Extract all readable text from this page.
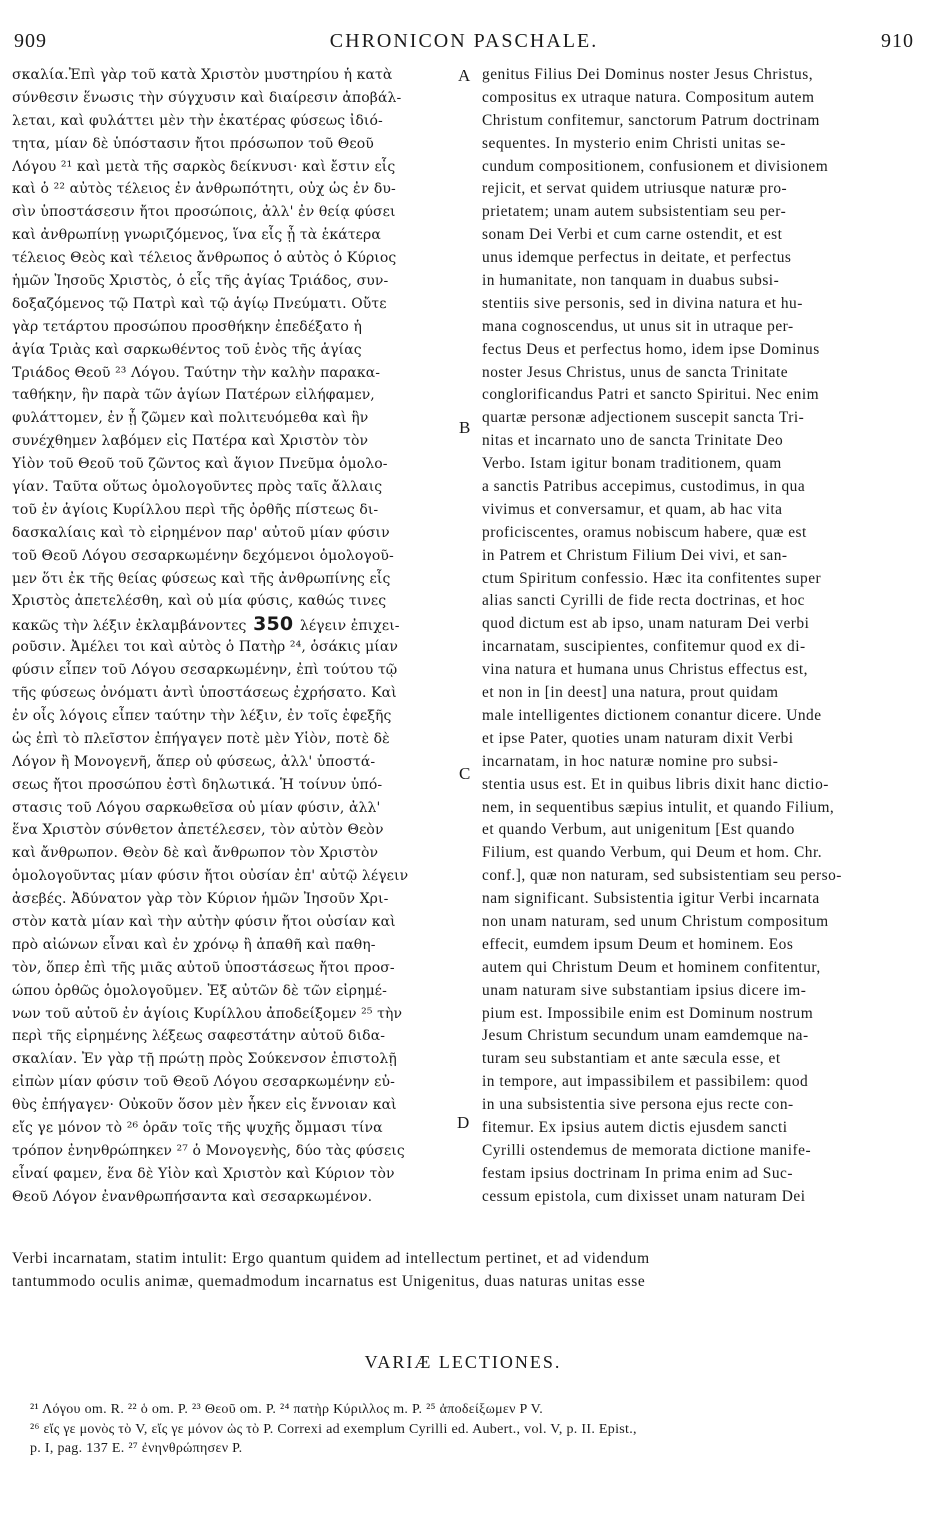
909	CHRONICON PASCHALE.	910
σκαλία.Ἐπὶ γὰρ τοῦ κατὰ Χριστὸν μυστηρίου ἡ κατὰ
σύνθεσιν ἕνωσις τὴν σύγχυσιν καὶ διαίρεσιν ἀποβάλ-
λεται, καὶ φυλάττει μὲν τὴν ἑκατέρας φύσεως ἰδιό-
τητα, μίαν δὲ ὑπόστασιν ἤτοι πρόσωπον τοῦ Θεοῦ
Λόγου ²¹ καὶ μετὰ τῆς σαρκὸς δείκνυσι· καὶ ἔστιν εἷς
καὶ ὁ ²² αὐτὸς τέλειος ἐν ἀνθρωπότητι, οὐχ ὡς ἐν δυ-
σὶν ὑποστάσεσιν ἤτοι προσώποις, ἀλλ' ἐν θείᾳ φύσει
καὶ ἀνθρωπίνῃ γνωριζόμενος, ἵνα εἷς ᾖ τὰ ἑκάτερα
τέλειος Θεὸς καὶ τέλειος ἄνθρωπος ὁ αὐτὸς ὁ Κύριος
ἡμῶν Ἰησοῦς Χριστὸς, ὁ εἷς τῆς ἁγίας Τριάδος, συν-
δοξαζόμενος τῷ Πατρὶ καὶ τῷ ἁγίῳ Πνεύματι. Οὔτε
γὰρ τετάρτου προσώπου προσθήκην ἐπεδέξατο ἡ
ἁγία Τριὰς καὶ σαρκωθέντος τοῦ ἑνὸς τῆς ἁγίας
Τριάδος Θεοῦ ²³ Λόγου. Ταύτην τὴν καλὴν παρακα-
ταθήκην, ἣν παρὰ τῶν ἁγίων Πατέρων εἰλήφαμεν,
φυλάττομεν, ἐν ᾗ ζῶμεν καὶ πολιτευόμεθα καὶ ἣν
συνέχθημεν λαβόμεν εἰς Πατέρα καὶ Χριστὸν τὸν
Υἱὸν τοῦ Θεοῦ τοῦ ζῶντος καὶ ἅγιον Πνεῦμα ὁμολο-
γίαν. Ταῦτα οὕτως ὁμολογοῦντες πρὸς ταῖς ἄλλαις
τοῦ ἐν ἁγίοις Κυρίλλου περὶ τῆς ὀρθῆς πίστεως δι-
δασκαλίαις καὶ τὸ εἰρημένον παρ' αὐτοῦ μίαν φύσιν
τοῦ Θεοῦ Λόγου σεσαρκωμένην δεχόμενοι ὁμολογοῦ-
μεν ὅτι ἐκ τῆς θείας φύσεως καὶ τῆς ἀνθρωπίνης εἷς
Χριστὸς ἀπετελέσθη, καὶ οὐ μία φύσις, καθώς τινες
κακῶς τὴν λέξιν ἐκλαμβάνοντες 350 λέγειν ἐπιχει-
ροῦσιν. Ἀμέλει τοι καὶ αὐτὸς ὁ Πατὴρ ²⁴, ὁσάκις μίαν
φύσιν εἶπεν τοῦ Λόγου σεσαρκωμένην, ἐπὶ τούτου τῷ
τῆς φύσεως ὀνόματι ἀντὶ ὑποστάσεως ἐχρήσατο. Καὶ
ἐν οἷς λόγοις εἶπεν ταύτην τὴν λέξιν, ἐν τοῖς ἐφεξῆς
ὡς ἐπὶ τὸ πλεῖστον ἐπήγαγεν ποτὲ μὲν Υἱὸν, ποτὲ δὲ
Λόγον ἢ Μονογενῆ, ἅπερ οὐ φύσεως, ἀλλ' ὑποστά-
σεως ἤτοι προσώπου ἐστὶ δηλωτικά. Ἡ τοίνυν ὑπό-
στασις τοῦ Λόγου σαρκωθεῖσα οὐ μίαν φύσιν, ἀλλ'
ἕνα Χριστὸν σύνθετον ἀπετέλεσεν, τὸν αὐτὸν Θεὸν
καὶ ἄνθρωπον. Θεὸν δὲ καὶ ἄνθρωπον τὸν Χριστὸν
ὁμολογοῦντας μίαν φύσιν ἤτοι οὐσίαν ἐπ' αὐτῷ λέγειν
ἀσεβές. Ἀδύνατον γὰρ τὸν Κύριον ἡμῶν Ἰησοῦν Χρι-
στὸν κατὰ μίαν καὶ τὴν αὐτὴν φύσιν ἤτοι οὐσίαν καὶ
πρὸ αἰώνων εἶναι καὶ ἐν χρόνῳ ἢ ἀπαθῆ καὶ παθη-
τὸν, ὅπερ ἐπὶ τῆς μιᾶς αὐτοῦ ὑποστάσεως ἤτοι προσ-
ώπου ὀρθῶς ὁμολογοῦμεν. Ἐξ αὐτῶν δὲ τῶν εἰρημέ-
νων τοῦ αὐτοῦ ἐν ἁγίοις Κυρίλλου ἀποδείξομεν ²⁵ τὴν
περὶ τῆς εἰρημένης λέξεως σαφεστάτην αὐτοῦ διδα-
σκαλίαν. Ἐν γὰρ τῇ πρώτῃ πρὸς Σούκενσον ἐπιστολῇ
εἰπὼν μίαν φύσιν τοῦ Θεοῦ Λόγου σεσαρκωμένην εὐ-
θὺς ἐπήγαγεν· Οὐκοῦν ὅσον μὲν ἧκεν εἰς ἔννοιαν καὶ
εἴς γε μόνον τὸ ²⁶ ὁρᾶν τοῖς τῆς ψυχῆς ὄμμασι τίνα
τρόπον ἐνηνθρώπηκεν ²⁷ ὁ Μονογενὴς, δύο τὰς φύσεις
εἶναί φαμεν, ἕνα δὲ Υἱὸν καὶ Χριστὸν καὶ Κύριον τὸν
Θεοῦ Λόγον ἐνανθρωπήσαντα καὶ σεσαρκωμένον.
A
B
C
D
genitus Filius Dei Dominus noster Jesus Christus,
compositus ex utraque natura. Compositum autem
Christum confitemur, sanctorum Patrum doctrinam
sequentes. In mysterio enim Christi unitas se-
cundum compositionem, confusionem et divisionem
rejicit, et servat quidem utriusque naturæ pro-
prietatem; unam autem subsistentiam seu per-
sonam Dei Verbi et cum carne ostendit, et est
unus idemque perfectus in deitate, et perfectus
in humanitate, non tanquam in duabus subsi-
stentiis sive personis, sed in divina natura et hu-
mana cognoscendus, ut unus sit in utraque per-
fectus Deus et perfectus homo, idem ipse Dominus
noster Jesus Christus, unus de sancta Trinitate
conglorificandus Patri et sancto Spiritui. Nec enim
quartæ personæ adjectionem suscepit sancta Tri-
nitas et incarnato uno de sancta Trinitate Deo
Verbo. Istam igitur bonam traditionem, quam
a sanctis Patribus accepimus, custodimus, in qua
vivimus et conversamur, et quam, ab hac vita
proficiscentes, oramus nobiscum habere, quæ est
in Patrem et Christum Filium Dei vivi, et san-
ctum Spiritum confessio. Hæc ita confitentes super
alias sancti Cyrilli de fide recta doctrinas, et hoc
quod dictum est ab ipso, unam naturam Dei verbi
incarnatam, suscipientes, confitemur quod ex di-
vina natura et humana unus Christus effectus est,
et non in [in deest] una natura, prout quidam
male intelligentes dictionem conantur dicere. Unde
et ipse Pater, quoties unam naturam dixit Verbi
incarnatam, in hoc naturæ nomine pro subsi-
stentia usus est. Et in quibus libris dixit hanc dictio-
nem, in sequentibus sæpius intulit, et quando Filium,
et quando Verbum, aut unigenitum [Est quando
Filium, est quando Verbum, qui Deum et hom. Chr.
conf.], quæ non naturam, sed subsistentiam seu perso-
nam significant. Subsistentia igitur Verbi incarnata
non unam naturam, sed unum Christum compositum
effecit, eumdem ipsum Deum et hominem. Eos
autem qui Christum Deum et hominem confitentur,
unam naturam sive substantiam ipsius dicere im-
pium est. Impossibile enim est Dominum nostrum
Jesum Christum secundum unam eamdemque na-
turam seu substantiam et ante sæcula esse, et
in tempore, aut impassibilem et passibilem: quod
in una subsistentia sive persona ejus recte con-
fitemur. Ex ipsius autem dictis ejusdem sancti
Cyrilli ostendemus de memorata dictione manife-
festam ipsius doctrinam In prima enim ad Suc-
cessum epistola, cum dixisset unam naturam Dei
Verbi incarnatam, statim intulit: Ergo quantum quidem ad intellectum pertinet, et ad videndum
tantummodo oculis animæ, quemadmodum incarnatus est Unigenitus, duas naturas unitas esse
VARIÆ LECTIONES.
²¹ Λόγου om. R. ²² ὁ om. P. ²³ Θεοῦ om. P. ²⁴ πατὴρ Κύριλλος m. P. ²⁵ ἀποδείξωμεν P V.
²⁶ εἴς γε μονὸς τὸ V, εἴς γε μόνον ὡς τὸ P. Correxi ad exemplum Cyrilli ed. Aubert., vol. V, p. II. Epist.,
p. I, pag. 137 E. ²⁷ ἐνηνθρώπησεν P.
